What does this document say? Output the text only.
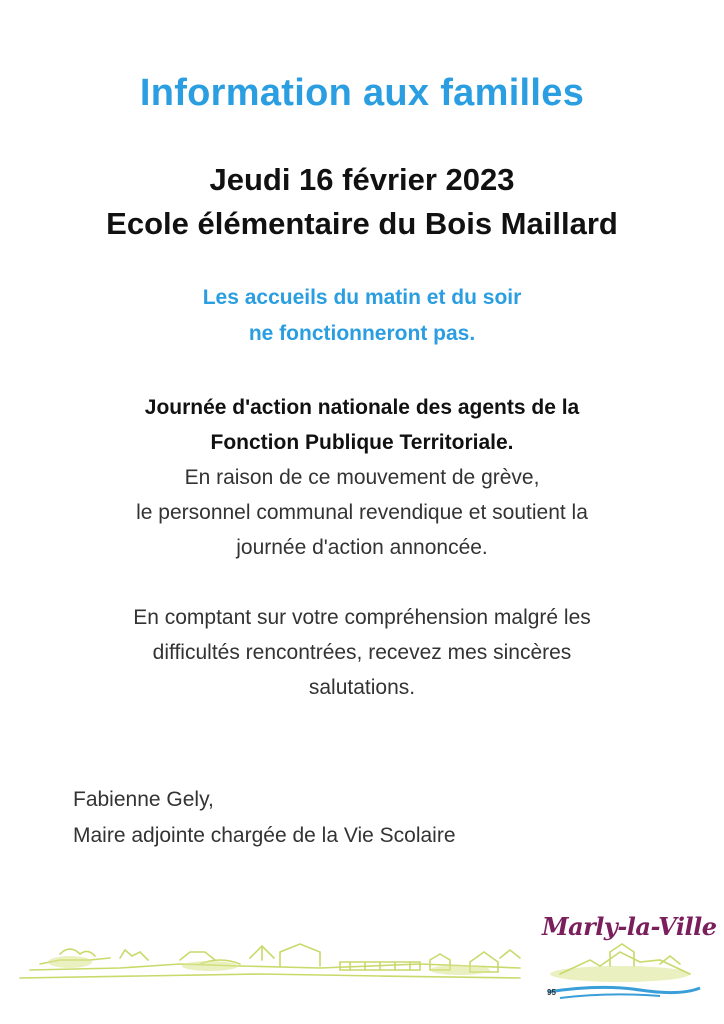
Information aux familles
Jeudi 16 février 2023
Ecole élémentaire du Bois Maillard
Les accueils du matin et du soir
ne fonctionneront pas.
Journée d'action nationale des agents de la
Fonction Publique Territoriale.
En raison de ce mouvement de grève,
le personnel communal revendique et soutient la
journée d'action annoncée.
En comptant sur votre compréhension malgré les
difficultés rencontrées, recevez mes sincères
salutations.
Fabienne Gely,
Maire adjointe chargée de la Vie Scolaire
Marly-la-Ville
95
